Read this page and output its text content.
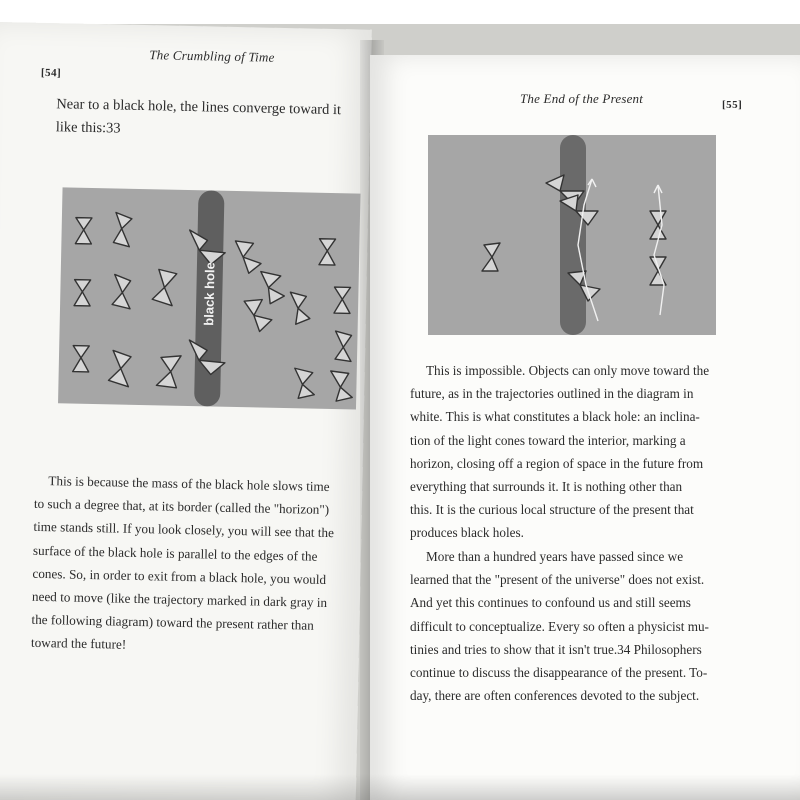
The Crumbling of Time
[54]

Near to a black hole, the lines converge toward it like this:33

black hole

This is because the mass of the black hole slows time

to such a degree that, at its border (called the "horizon")

time stands still. If you look closely, you will see that the

surface of the black hole is parallel to the edges of the

cones. So, in order to exit from a black hole, you would

need to move (like the trajectory marked in dark gray in

the following diagram) toward the present rather than

toward the future!

The End of the Present	[55]

This is impossible. Objects can only move toward the

future, as in the trajectories outlined in the diagram in

white. This is what constitutes a black hole: an inclina-

tion of the light cones toward the interior, marking a

horizon, closing off a region of space in the future from

everything that surrounds it. It is nothing other than

this. It is the curious local structure of the present that

produces black holes.

More than a hundred years have passed since we

learned that the "present of the universe" does not exist.

And yet this continues to confound us and still seems

difficult to conceptualize. Every so often a physicist mu-

tinies and tries to show that it isn't true.34 Philosophers

continue to discuss the disappearance of the present. To-

day, there are often conferences devoted to the subject.
